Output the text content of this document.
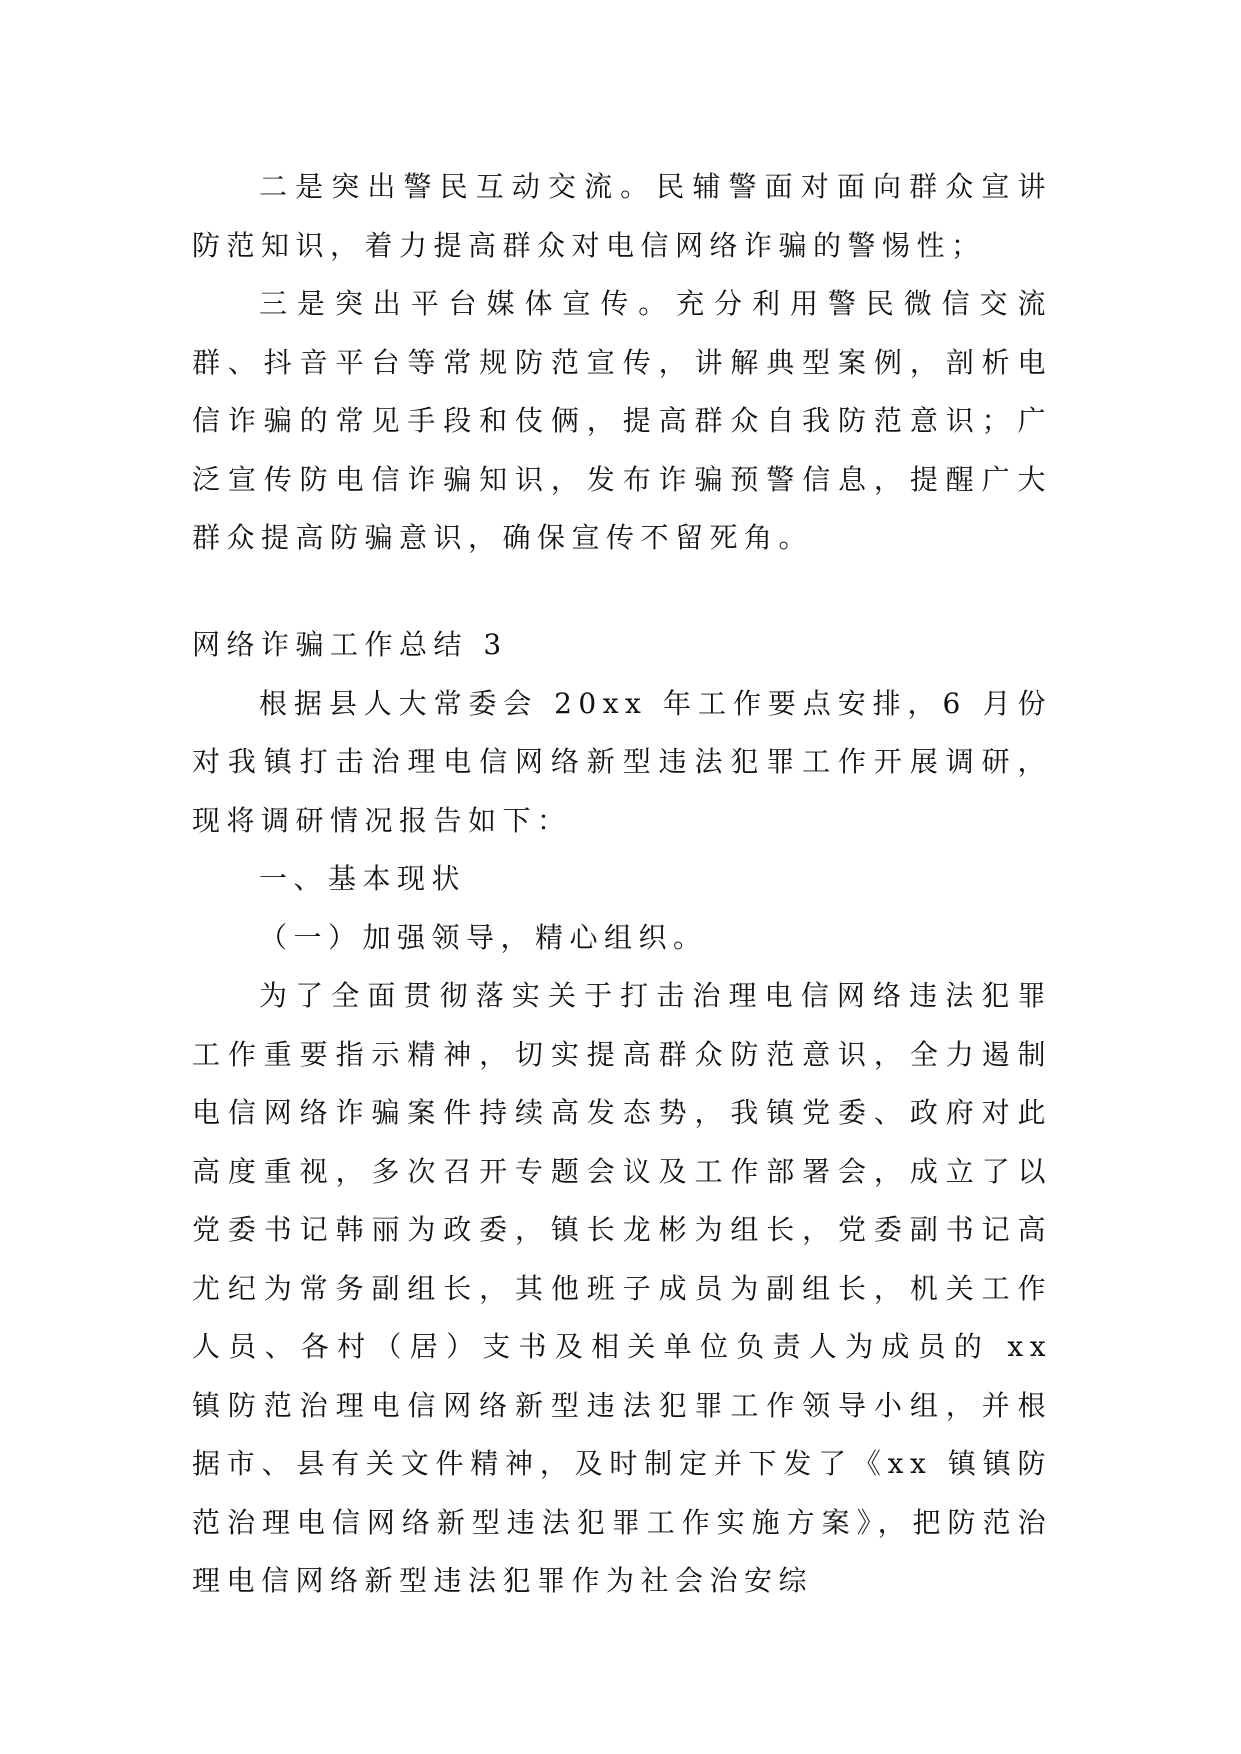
二是突出警民互动交流。民辅警面对面向群众宣讲防范知识，着力提高群众对电信网络诈骗的警惕性；

三是突出平台媒体宣传。充分利用警民微信交流群、抖音平台等常规防范宣传，讲解典型案例，剖析电信诈骗的常见手段和伎俩，提高群众自我防范意识；广泛宣传防电信诈骗知识，发布诈骗预警信息，提醒广大群众提高防骗意识，确保宣传不留死角。

网络诈骗工作总结 3

根据县人大常委会 20xx 年工作要点安排，6 月份对我镇打击治理电信网络新型违法犯罪工作开展调研，现将调研情况报告如下：

一、基本现状

（一）加强领导，精心组织。

为了全面贯彻落实关于打击治理电信网络违法犯罪工作重要指示精神，切实提高群众防范意识，全力遏制电信网络诈骗案件持续高发态势，我镇党委、政府对此高度重视，多次召开专题会议及工作部署会，成立了以党委书记韩丽为政委，镇长龙彬为组长，党委副书记高尤纪为常务副组长，其他班子成员为副组长，机关工作人员、各村（居）支书及相关单位负责人为成员的 xx 镇防范治理电信网络新型违法犯罪工作领导小组，并根据市、县有关文件精神，及时制定并下发了《xx 镇镇防范治理电信网络新型违法犯罪工作实施方案》，把防范治理电信网络新型违法犯罪作为社会治安综
